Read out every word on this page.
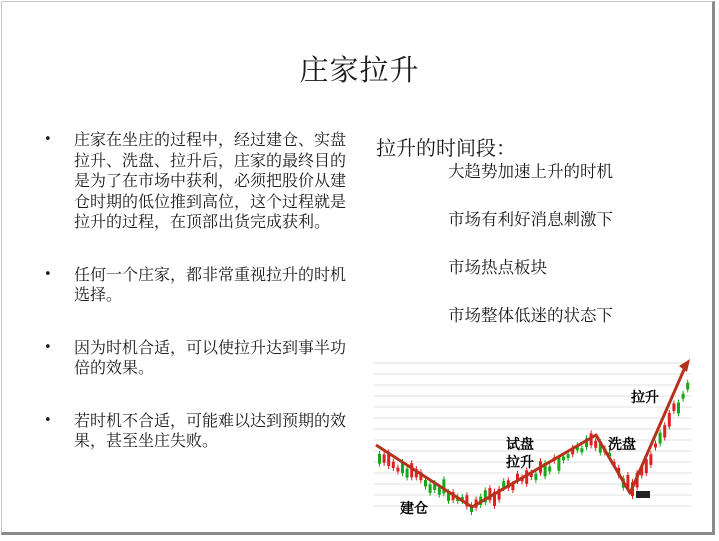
庄家拉升
•	庄家在坐庄的过程中，经过建仓、实盘拉升、洗盘、拉升后，庄家的最终目的是为了在市场中获利，必须把股价从建仓时期的低位推到高位，这个过程就是拉升的过程，在顶部出货完成获利。
•	任何一个庄家，都非常重视拉升的时机选择。
•	因为时机合适，可以使拉升达到事半功倍的效果。
•	若时机不合适，可能难以达到预期的效果，甚至坐庄失败。
拉升的时间段：
大趋势加速上升的时机
市场有利好消息刺激下
市场热点板块
市场整体低迷的状态下
建仓
试盘
拉升
洗盘
拉升
